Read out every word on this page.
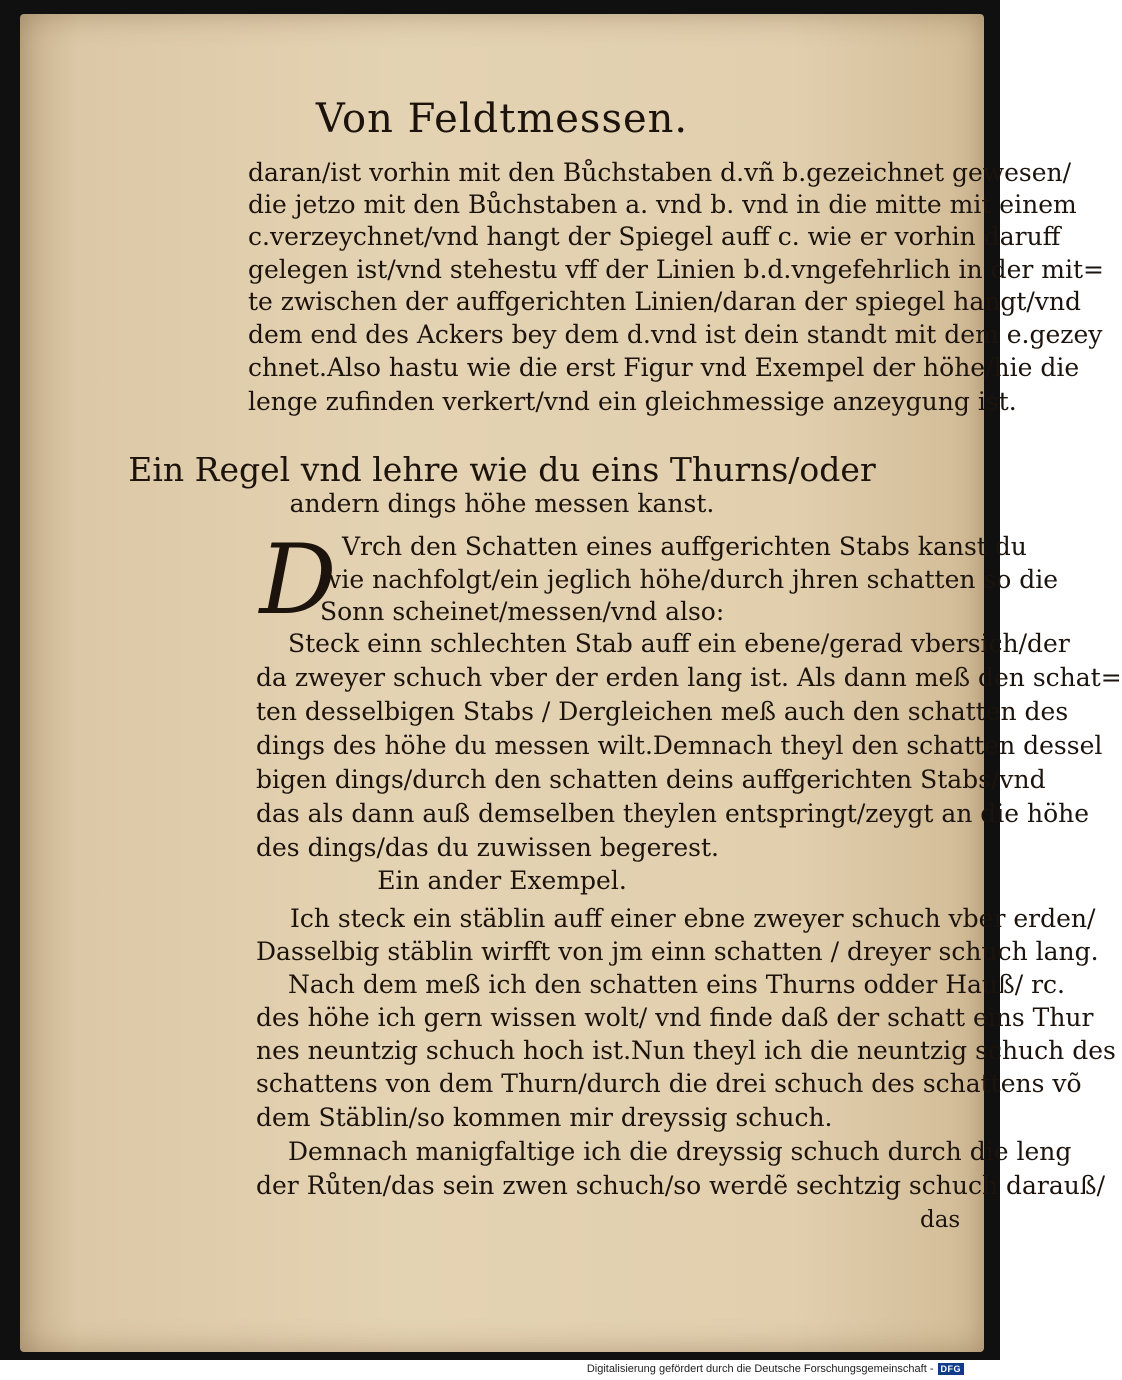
Von Feldtmessen.
daran/ist vorhin mit den Bůchstaben d.vñ b.gezeichnet gewesen/
die jetzo mit den Bůchstaben a. vnd b. vnd in die mitte mit einem
c.verzeychnet/vnd hangt der Spiegel auff c. wie er vorhin daruff
gelegen ist/vnd stehestu vff der Linien b.d.vngefehrlich in der mit=
te zwischen der auffgerichten Linien/daran der spiegel hangt/vnd
dem end des Ackers bey dem d.vnd ist dein standt mit dem e.gezey
chnet.Also hastu wie die erst Figur vnd Exempel der höhe/hie die
lenge zufinden verkert/vnd ein gleichmessige anzeygung ist.
Ein Regel vnd lehre wie du eins Thurns/oder
andern dings höhe messen kanst.
D Vrch den Schatten eines auffgerichten Stabs kanst du
wie nachfolgt/ein jeglich höhe/durch jhren schatten so die
Sonn scheinet/messen/vnd also:
Steck einn schlechten Stab auff ein ebene/gerad vbersich/der
da zweyer schuch vber der erden lang ist. Als dann meß den schat=
ten desselbigen Stabs / Dergleichen meß auch den schatten des
dings des höhe du messen wilt.Demnach theyl den schatten dessel
bigen dings/durch den schatten deins auffgerichten Stabs/vnd
das als dann auß demselben theylen entspringt/zeygt an die höhe
des dings/das du zuwissen begerest.
Ein ander Exempel.
Ich steck ein stäblin auff einer ebne zweyer schuch vber erden/
Dasselbig stäblin wirfft von jm einn schatten / dreyer schuch lang.
Nach dem meß ich den schatten eins Thurns odder Hauß/ rc.
des höhe ich gern wissen wolt/ vnd finde daß der schatt eins Thur
nes neuntzig schuch hoch ist.Nun theyl ich die neuntzig schuch des
schattens von dem Thurn/durch die drei schuch des schattens võ
dem Stäblin/so kommen mir dreyssig schuch.
Demnach manigfaltige ich die dreyssig schuch durch die leng
der Růten/das sein zwen schuch/so werdẽ sechtzig schuch darauß/
das
Digitalisierung gefördert durch die Deutsche Forschungsgemeinschaft - DFG
